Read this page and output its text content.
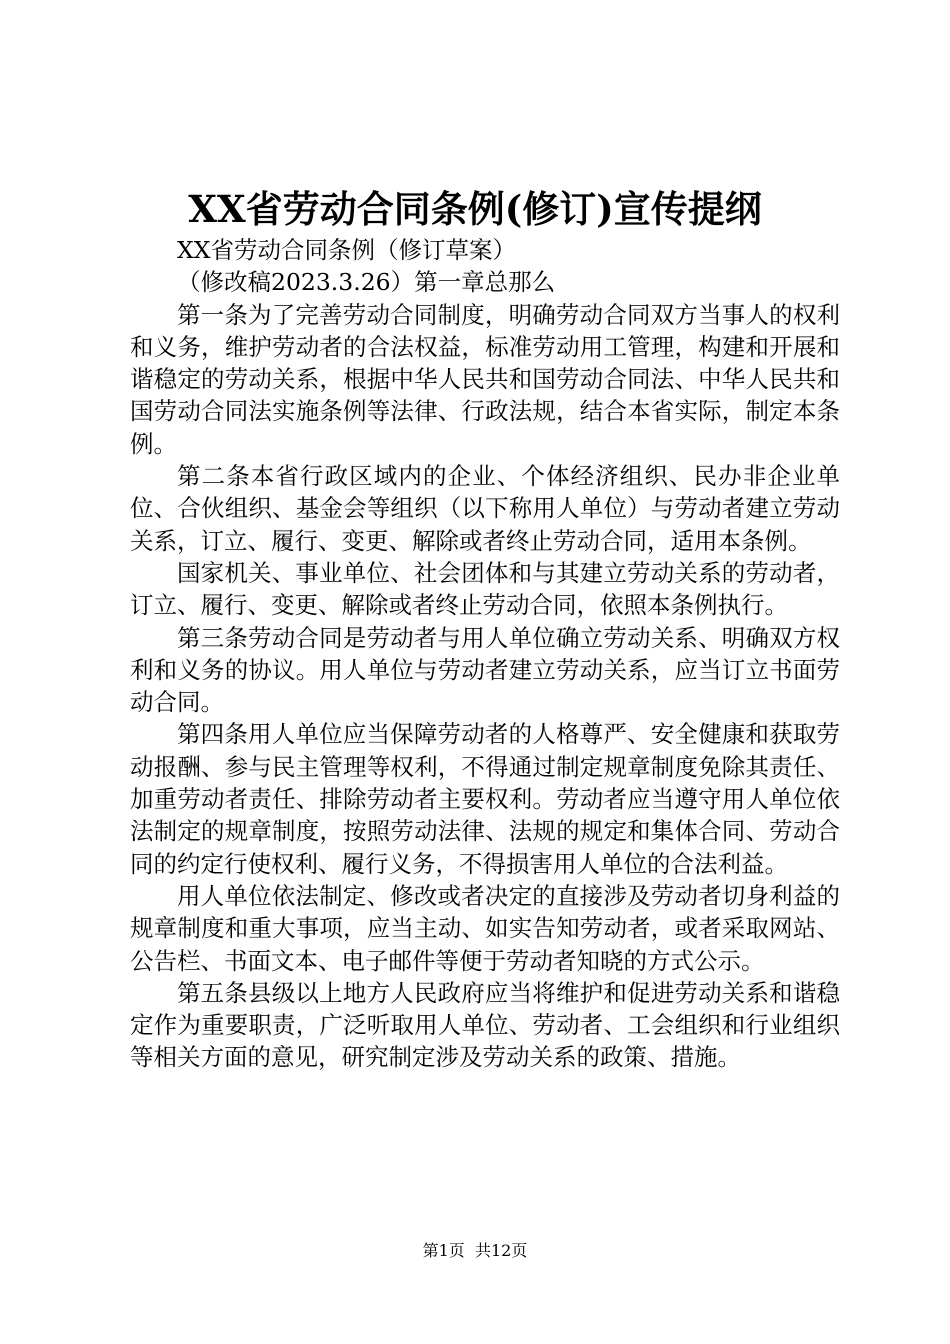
XX省劳动合同条例(修订)宣传提纲

XX省劳动合同条例（修订草案）

（修改稿2023.3.26）第一章总那么

第一条为了完善劳动合同制度，明确劳动合同双方当事人的权利和义务，维护劳动者的合法权益，标准劳动用工管理，构建和开展和谐稳定的劳动关系，根据中华人民共和国劳动合同法、中华人民共和国劳动合同法实施条例等法律、行政法规，结合本省实际，制定本条例。

第二条本省行政区域内的企业、个体经济组织、民办非企业单位、合伙组织、基金会等组织（以下称用人单位）与劳动者建立劳动关系，订立、履行、变更、解除或者终止劳动合同，适用本条例。

国家机关、事业单位、社会团体和与其建立劳动关系的劳动者，订立、履行、变更、解除或者终止劳动合同，依照本条例执行。

第三条劳动合同是劳动者与用人单位确立劳动关系、明确双方权利和义务的协议。用人单位与劳动者建立劳动关系，应当订立书面劳动合同。

第四条用人单位应当保障劳动者的人格尊严、安全健康和获取劳动报酬、参与民主管理等权利，不得通过制定规章制度免除其责任、加重劳动者责任、排除劳动者主要权利。劳动者应当遵守用人单位依法制定的规章制度，按照劳动法律、法规的规定和集体合同、劳动合同的约定行使权利、履行义务，不得损害用人单位的合法利益。

用人单位依法制定、修改或者决定的直接涉及劳动者切身利益的规章制度和重大事项，应当主动、如实告知劳动者，或者采取网站、公告栏、书面文本、电子邮件等便于劳动者知晓的方式公示。

第五条县级以上地方人民政府应当将维护和促进劳动关系和谐稳定作为重要职责，广泛听取用人单位、劳动者、工会组织和行业组织等相关方面的意见，研究制定涉及劳动关系的政策、措施。

第1页 共12页
